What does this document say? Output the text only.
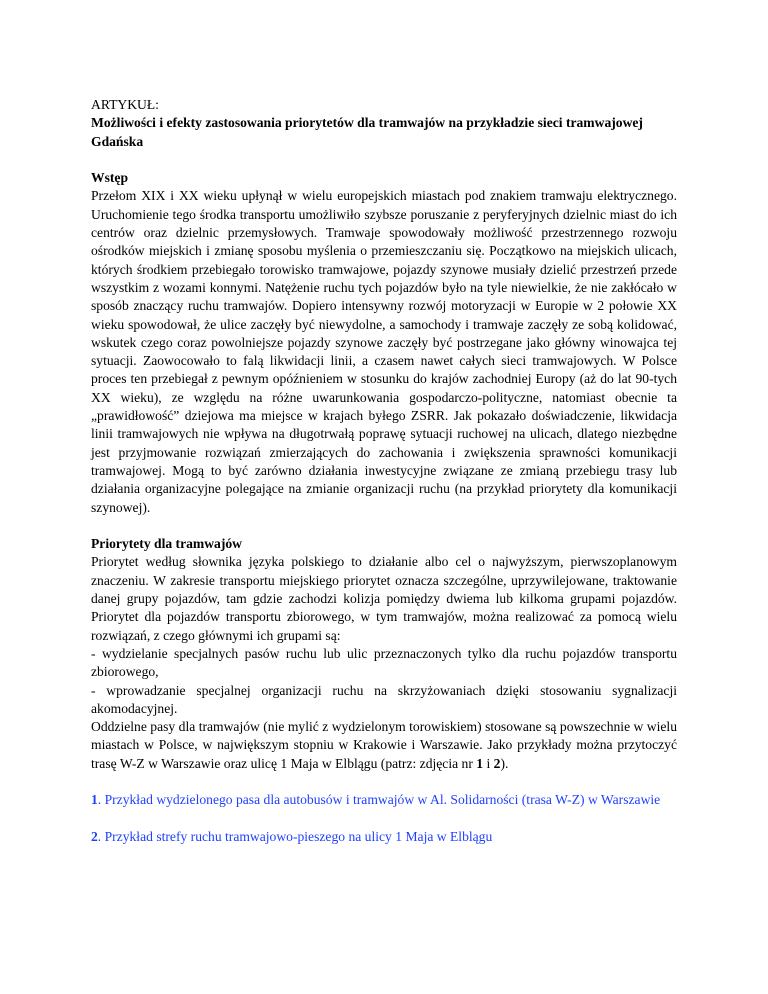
ARTYKUŁ:

Możliwości i efekty zastosowania priorytetów dla tramwajów na przykładzie sieci tramwajowej Gdańska

Wstęp

Przełom XIX i XX wieku upłynął w wielu europejskich miastach pod znakiem tramwaju elektrycznego. Uruchomienie tego środka transportu umożliwiło szybsze poruszanie z peryferyjnych dzielnic miast do ich centrów oraz dzielnic przemysłowych. Tramwaje spowodowały możliwość przestrzennego rozwoju ośrodków miejskich i zmianę sposobu myślenia o przemieszczaniu się. Początkowo na miejskich ulicach, których środkiem przebiegało torowisko tramwajowe, pojazdy szynowe musiały dzielić przestrzeń przede wszystkim z wozami konnymi. Natężenie ruchu tych pojazdów było na tyle niewielkie, że nie zakłócało w sposób znaczący ruchu tramwajów. Dopiero intensywny rozwój motoryzacji w Europie w 2 połowie XX wieku spowodował, że ulice zaczęły być niewydolne, a samochody i tramwaje zaczęły ze sobą kolidować, wskutek czego coraz powolniejsze pojazdy szynowe zaczęły być postrzegane jako główny winowajca tej sytuacji. Zaowocowało to falą likwidacji linii, a czasem nawet całych sieci tramwajowych. W Polsce proces ten przebiegał z pewnym opóźnieniem w stosunku do krajów zachodniej Europy (aż do lat 90-tych XX wieku), ze względu na różne uwarunkowania gospodarczo-polityczne, natomiast obecnie ta „prawidłowość” dziejowa ma miejsce w krajach byłego ZSRR. Jak pokazało doświadczenie, likwidacja linii tramwajowych nie wpływa na długotrwałą poprawę sytuacji ruchowej na ulicach, dlatego niezbędne jest przyjmowanie rozwiązań zmierzających do zachowania i zwiększenia sprawności komunikacji tramwajowej. Mogą to być zarówno działania inwestycyjne związane ze zmianą przebiegu trasy lub działania organizacyjne polegające na zmianie organizacji ruchu (na przykład priorytety dla komunikacji szynowej).

Priorytety dla tramwajów

Priorytet według słownika języka polskiego to działanie albo cel o najwyższym, pierwszoplanowym znaczeniu. W zakresie transportu miejskiego priorytet oznacza szczególne, uprzywilejowane, traktowanie danej grupy pojazdów, tam gdzie zachodzi kolizja pomiędzy dwiema lub kilkoma grupami pojazdów. Priorytet dla pojazdów transportu zbiorowego, w tym tramwajów, można realizować za pomocą wielu rozwiązań, z czego głównymi ich grupami są:

- wydzielanie specjalnych pasów ruchu lub ulic przeznaczonych tylko dla ruchu pojazdów transportu zbiorowego,

- wprowadzanie specjalnej organizacji ruchu na skrzyżowaniach dzięki stosowaniu sygnalizacji akomodacyjnej.

Oddzielne pasy dla tramwajów (nie mylić z wydzielonym torowiskiem) stosowane są powszechnie w wielu miastach w Polsce, w największym stopniu w Krakowie i Warszawie. Jako przykłady można przytoczyć trasę W-Z w Warszawie oraz ulicę 1 Maja w Elblągu (patrz: zdjęcia nr 1 i 2).

1. Przykład wydzielonego pasa dla autobusów i tramwajów w Al. Solidarności (trasa W-Z) w Warszawie

2. Przykład strefy ruchu tramwajowo-pieszego na ulicy 1 Maja w Elblągu
